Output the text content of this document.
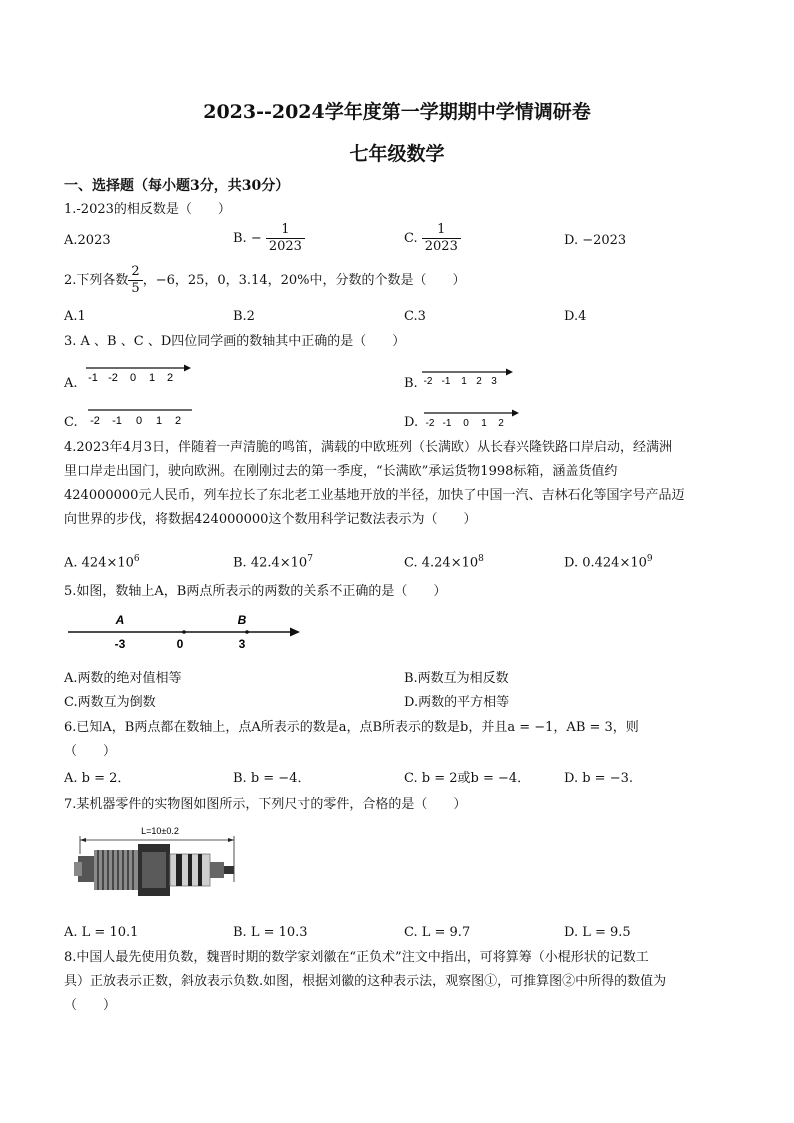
2023--2024学年度第一学期期中学情调研卷
七年级数学
一、选择题（每小题3分，共30分）
1.-2023的相反数是（　　）
A.2023	B. − $\frac{1}{2023}$	C. $\frac{1}{2023}$	D. −2023
2.下列各数 $\frac{2}{5}$ ，−6，25，0，3.14，20%中，分数的个数是（　　）
A.1	B.2	C.3	D.4
3. A 、B 、C 、D四位同学画的数轴其中正确的是（　　）
A. -1 -2 0 1 2	B. -2 -1 1 2 3
C. -2 -1 0 1 2	D. -2 -1 0 1 2
4.2023年4月3日，伴随着一声清脆的鸣笛，满载的中欧班列（长满欧）从长春兴隆铁路口岸启动，经满洲
里口岸走出国门，驶向欧洲。在刚刚过去的第一季度，“长满欧”承运货物1998标箱，涵盖货值约
424000000元人民币，列车拉长了东北老工业基地开放的半径，加快了中国一汽、吉林石化等国字号产品迈
向世界的步伐，将数据424000000这个数用科学记数法表示为（　　）
A. $424\times 10^6$	B. $42.4\times 10^7$	C. $4.24\times 10^8$	D. $0.424\times 10^9$
5.如图，数轴上A，B两点所表示的两数的关系不正确的是（　　）
A
-3	0
B
3
A.两数的绝对值相等	B.两数互为相反数
C.两数互为倒数	D.两数的平方相等
6.已知A，B两点都在数轴上，点A所表示的数是a，点B所表示的数是b，并且a = −1，AB = 3，则
（　　）
A. b = 2．	B. b = −4．	C. b = 2或b = −4．	D. b = −3.
7.某机器零件的实物图如图所示，下列尺寸的零件，合格的是（　　）
L=10±0.2
A. L = 10.1	B. L = 10.3	C. L = 9.7	D. L = 9.5
8.中国人最先使用负数，魏晋时期的数学家刘徽在“正负术”注文中指出，可将算筹（小棍形状的记数工
具）正放表示正数，斜放表示负数.如图，根据刘徽的这种表示法，观察图①，可推算图②中所得的数值为
（　　）
